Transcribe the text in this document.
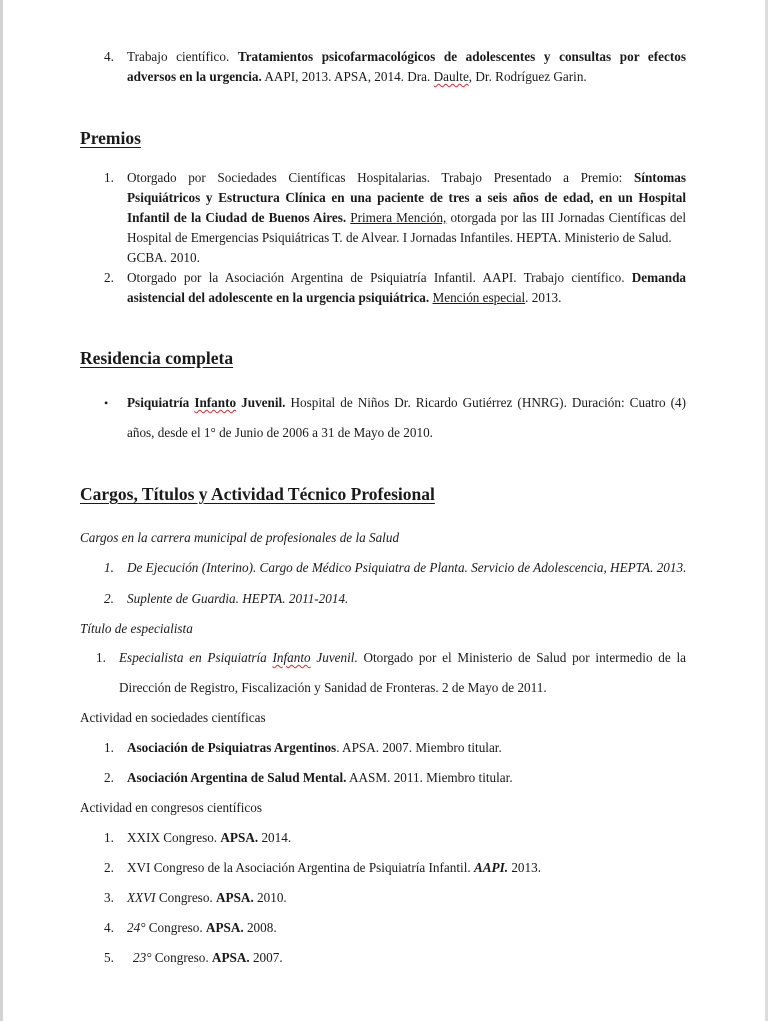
4. Trabajo científico. Tratamientos psicofarmacológicos de adolescentes y consultas por efectos
adversos en la urgencia. AAPI, 2013. APSA, 2014. Dra. Daulte, Dr. Rodríguez Garin.
Premios
1. Otorgado por Sociedades Científicas Hospitalarias. Trabajo Presentado a Premio: Síntomas
Psiquiátricos y Estructura Clínica en una paciente de tres a seis años de edad, en un Hospital
Infantil de la Ciudad de Buenos Aires. Primera Mención, otorgada por las III Jornadas Científicas del
Hospital de Emergencias Psiquiátricas T. de Alvear. I Jornadas Infantiles. HEPTA. Ministerio de Salud.
GCBA. 2010.
2. Otorgado por la Asociación Argentina de Psiquiatría Infantil. AAPI. Trabajo científico. Demanda
asistencial del adolescente en la urgencia psiquiátrica. Mención especial. 2013.
Residencia completa
• Psiquiatría Infanto Juvenil. Hospital de Niños Dr. Ricardo Gutiérrez (HNRG). Duración: Cuatro (4)
años, desde el 1° de Junio de 2006 a 31 de Mayo de 2010.
Cargos, Títulos y Actividad Técnico Profesional
Cargos en la carrera municipal de profesionales de la Salud
1. De Ejecución (Interino). Cargo de Médico Psiquiatra de Planta. Servicio de Adolescencia, HEPTA. 2013.
2. Suplente de Guardia. HEPTA. 2011-2014.
Título de especialista
1. Especialista en Psiquiatría Infanto Juvenil. Otorgado por el Ministerio de Salud por intermedio de la
Dirección de Registro, Fiscalización y Sanidad de Fronteras. 2 de Mayo de 2011.
Actividad en sociedades científicas
1. Asociación de Psiquiatras Argentinos. APSA. 2007. Miembro titular.
2. Asociación Argentina de Salud Mental. AASM. 2011. Miembro titular.
Actividad en congresos científicos
1. XXIX Congreso. APSA. 2014.
2. XVI Congreso de la Asociación Argentina de Psiquiatría Infantil. AAPI. 2013.
3. XXVI Congreso. APSA. 2010.
4. 24° Congreso. APSA. 2008.
5. 23° Congreso. APSA. 2007.
